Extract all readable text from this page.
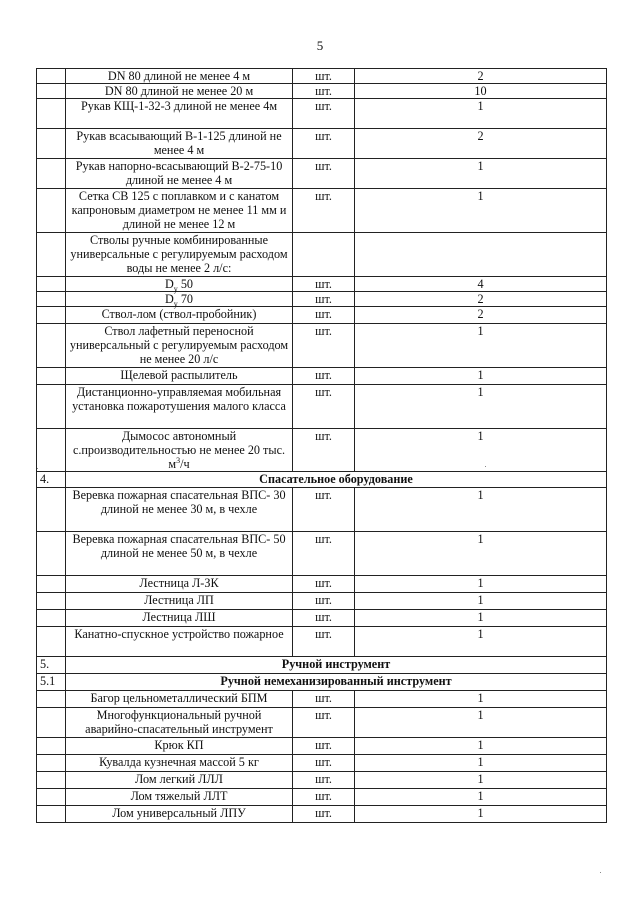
5
	DN 80 длиной не менее 4 м	шт.	2
	DN 80 длиной не менее 20 м	шт.	10
	Рукав КЩ-1-32-3 длиной не менее 4м	шт.	1
	Рукав всасывающий В-1-125 длиной не менее 4 м	шт.	2
	Рукав напорно-всасывающий В-2-75-10 длиной не менее 4 м	шт.	1
	Сетка СВ 125 с поплавком и с канатом капроновым диаметром не менее 11 мм и длиной не менее 12 м	шт.	1
	Стволы ручные комбинированные универсальные с регулируемым расходом воды не менее 2 л/с:		
	$D_y$ 50	шт.	4
	$D_y$ 70	шт.	2
	Ствол-лом (ствол-пробойник)	шт.	2
	Ствол лафетный переносной универсальный с регулируемым расходом не менее 20 л/с	шт.	1
	Щелевой распылитель	шт.	1
	Дистанционно-управляемая мобильная установка пожаротушения малого класса	шт.	1
	Дымосос автономный с.производительностью не менее 20 тыс. $м^3/ч$	шт.	1
4.	Спасательное оборудование		
	Веревка пожарная спасательная ВПС- 30 длиной не менее 30 м, в чехле	шт.	1
	Веревка пожарная спасательная ВПС- 50 длиной не менее 50 м, в чехле	шт.	1
	Лестница Л-ЗК	шт.	1
	Лестница ЛП	шт.	1
	Лестница ЛШ	шт.	1
	Канатно-спускное устройство пожарное	шт.	1
5.	Ручной инструмент		
5.1	Ручной немеханизированный инструмент		
	Багор цельнометаллический БПМ	шт.	1
	Многофункциональный ручной аварийно-спасательный инструмент	шт.	1
	Крюк КП	шт.	1
	Кувалда кузнечная массой 5 кг	шт.	1
	Лом легкий ЛЛЛ	шт.	1
	Лом тяжелый ЛЛТ	шт.	1
	Лом универсальный ЛПУ	шт.	1
